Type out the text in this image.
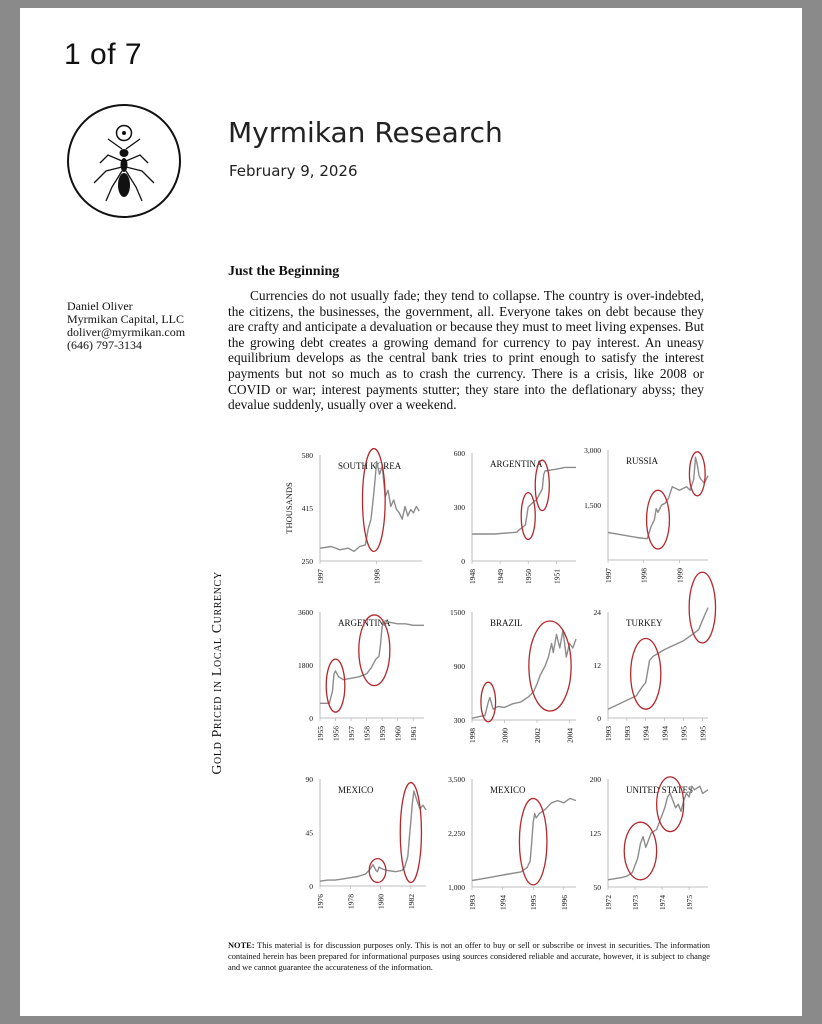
1 of 7
Myrmikan Research
February 9, 2026
Daniel Oliver
Myrmikan Capital, LLC
doliver@myrmikan.com
(646) 797-3134
Just the Beginning
Currencies do not usually fade; they tend to collapse. The country is over-indebted, the citizens, the businesses, the government, all. Everyone takes on debt because they are crafty and anticipate a devaluation or because they must to meet living expenses. But the growing debt creates a growing demand for currency to pay interest. An uneasy equilibrium develops as the central bank tries to print enough to satisfy the interest payments but not so much as to crash the currency. There is a crisis, like 2008 or COVID or war; interest payments stutter; they stare into the deflationary abyss; they devalue suddenly, usually over a weekend.
Gold Priced in Local Currency
580
415
250
1997	1998
SOUTH KOREA
THOUSANDS
600
300
0
1948	1949	1950	1951
ARGENTINA
3,000
1,500
1997	1998	1999
RUSSIA
3600
1800
0
1955 1956 1957 1958 1959 1960 1961
ARGENTINA
1500
900
300
1998	2000	2002	2004
BRAZIL
24
12
0
1993 1993 1994 1994 1995 1995
TURKEY
90
45
0
1976	1978	1980	1982
MEXICO
3,500
2,250
1,000
1993	1994	1995	1996
MEXICO
200
125
50
1972 1973 1974 1975
UNITED STATES
NOTE: This material is for discussion purposes only. This is not an offer to buy or sell or subscribe or invest in securities. The information contained herein has been prepared for informational purposes using sources considered reliable and accurate, however, it is subject to change and we cannot guarantee the accurateness of the information.
